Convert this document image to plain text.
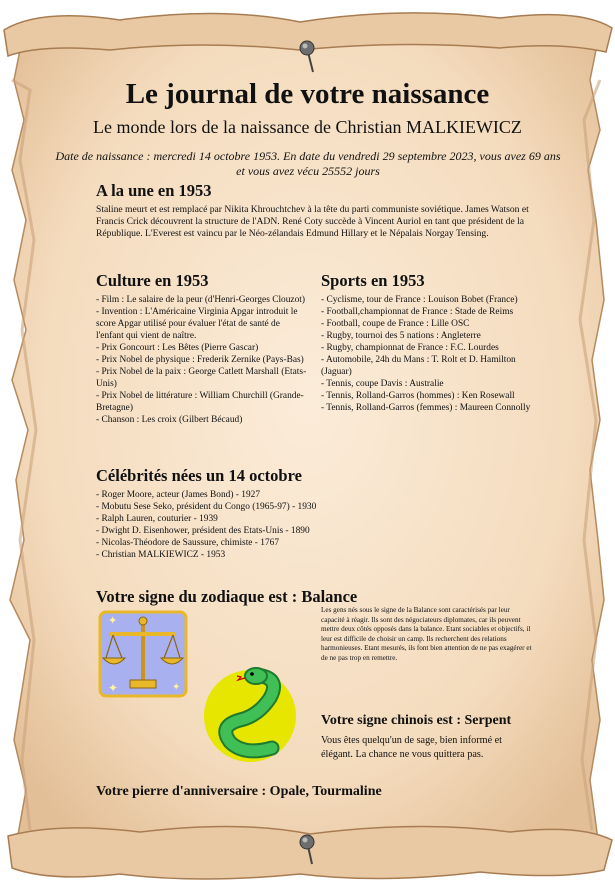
Le journal de votre naissance
Le monde lors de la naissance de Christian MALKIEWICZ
Date de naissance : mercredi 14 octobre 1953. En date du vendredi 29 septembre 2023, vous avez 69 ans et vous avez vécu 25552 jours
A la une en 1953
Staline meurt et est remplacé par Nikita Khrouchtchev à la tête du parti communiste soviétique. James Watson et Francis Crick découvrent la structure de l'ADN. René Coty succède à Vincent Auriol en tant que président de la République. L'Everest est vaincu par le Néo-zélandais Edmund Hillary et le Népalais Norgay Tensing.
Culture en 1953
- Film : Le salaire de la peur (d'Henri-Georges Clouzot)
- Invention : L'Américaine Virginia Apgar introduit le score Apgar utilisé pour évaluer l'état de santé de l'enfant qui vient de naître.
- Prix Goncourt : Les Bêtes (Pierre Gascar)
- Prix Nobel de physique : Frederik Zernike (Pays-Bas)
- Prix Nobel de la paix : George Catlett Marshall (Etats-Unis)
- Prix Nobel de littérature : William Churchill (Grande-Bretagne)
- Chanson : Les croix (Gilbert Bécaud)
Sports en 1953
- Cyclisme, tour de France : Louison Bobet (France)
- Football,championnat de France : Stade de Reims
- Football, coupe de France : Lille OSC
- Rugby, tournoi des 5 nations : Angleterre
- Rugby, championnat de France : F.C. Lourdes
- Automobile, 24h du Mans : T. Rolt et D. Hamilton (Jaguar)
- Tennis, coupe Davis : Australie
- Tennis, Rolland-Garros (hommes) : Ken Rosewall
- Tennis, Rolland-Garros (femmes) : Maureen Connolly
Célébrités nées un 14 octobre
- Roger Moore, acteur (James Bond) - 1927
- Mobutu Sese Seko, président du Congo (1965-97) - 1930
- Ralph Lauren, couturier - 1939
- Dwight D. Eisenhower, président des Etats-Unis - 1890
- Nicolas-Théodore de Saussure, chimiste - 1767
- Christian MALKIEWICZ - 1953
Votre signe du zodiaque est : Balance
Les gens nés sous le signe de la Balance sont caractérisés par leur capacité à réagir. Ils sont des négociateurs diplomates, car ils peuvent mettre deux côtés opposés dans la balance. Etant sociables et objectifs, il leur est difficile de choisir un camp. Ils recherchent des relations harmonieuses. Etant mesurés, ils font bien attention de ne pas exagérer et de ne pas trop en remettre.
✦
✦
✦
Votre signe chinois est : Serpent
Vous êtes quelqu'un de sage, bien informé et élégant. La chance ne vous quittera pas.
Votre pierre d'anniversaire : Opale, Tourmaline
